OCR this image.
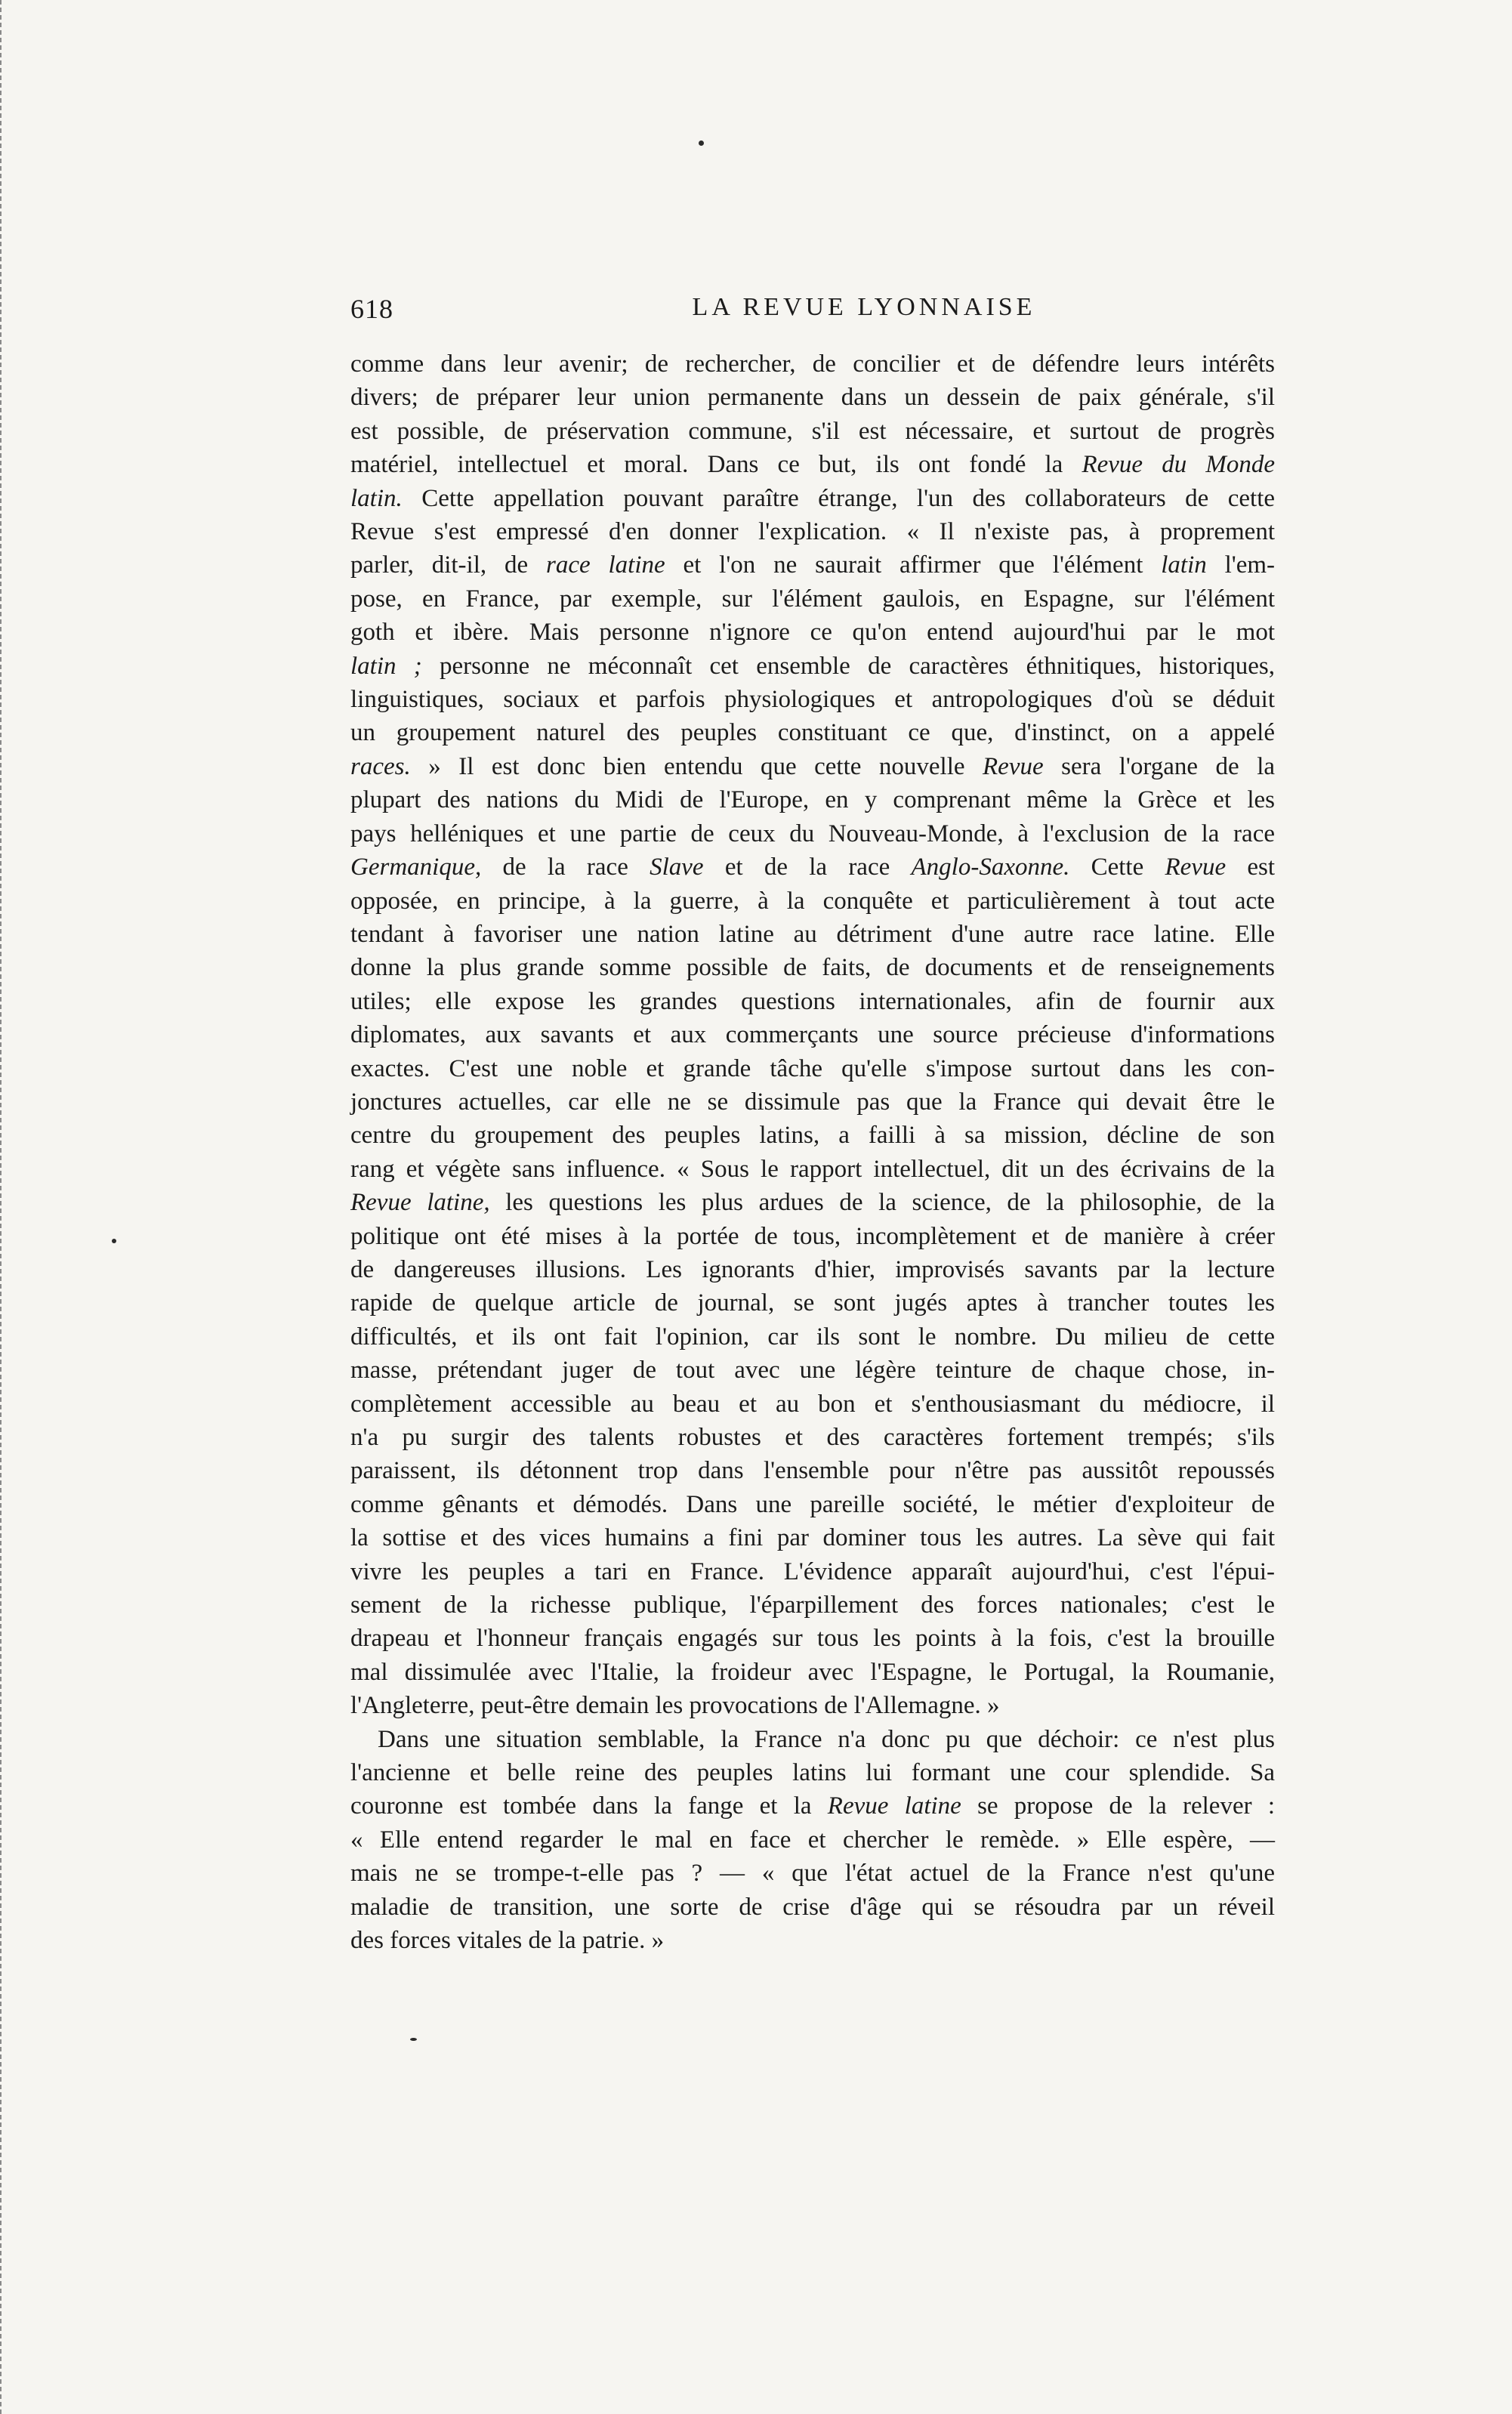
618	LA REVUE LYONNAISE

comme dans leur avenir; de rechercher, de concilier et de défendre leurs intérêts
divers; de préparer leur union permanente dans un dessein de paix générale, s'il
est possible, de préservation commune, s'il est nécessaire, et surtout de progrès
matériel, intellectuel et moral. Dans ce but, ils ont fondé la Revue du Monde
latin. Cette appellation pouvant paraître étrange, l'un des collaborateurs de cette
Revue s'est empressé d'en donner l'explication. « Il n'existe pas, à proprement
parler, dit-il, de race latine et l'on ne saurait affirmer que l'élément latin l'em-
pose, en France, par exemple, sur l'élément gaulois, en Espagne, sur l'élément
goth et ibère. Mais personne n'ignore ce qu'on entend aujourd'hui par le mot
latin ; personne ne méconnaît cet ensemble de caractères éthnitiques, historiques,
linguistiques, sociaux et parfois physiologiques et antropologiques d'où se déduit
un groupement naturel des peuples constituant ce que, d'instinct, on a appelé
races. » Il est donc bien entendu que cette nouvelle Revue sera l'organe de la
plupart des nations du Midi de l'Europe, en y comprenant même la Grèce et les
pays helléniques et une partie de ceux du Nouveau-Monde, à l'exclusion de la race
Germanique, de la race Slave et de la race Anglo-Saxonne. Cette Revue est
opposée, en principe, à la guerre, à la conquête et particulièrement à tout acte
tendant à favoriser une nation latine au détriment d'une autre race latine. Elle
donne la plus grande somme possible de faits, de documents et de renseignements
utiles; elle expose les grandes questions internationales, afin de fournir aux
diplomates, aux savants et aux commerçants une source précieuse d'informations
exactes. C'est une noble et grande tâche qu'elle s'impose surtout dans les con-
jonctures actuelles, car elle ne se dissimule pas que la France qui devait être le
centre du groupement des peuples latins, a failli à sa mission, décline de son
rang et végète sans influence. « Sous le rapport intellectuel, dit un des écrivains de la
Revue latine, les questions les plus ardues de la science, de la philosophie, de la
politique ont été mises à la portée de tous, incomplètement et de manière à créer
de dangereuses illusions. Les ignorants d'hier, improvisés savants par la lecture
rapide de quelque article de journal, se sont jugés aptes à trancher toutes les
difficultés, et ils ont fait l'opinion, car ils sont le nombre. Du milieu de cette
masse, prétendant juger de tout avec une légère teinture de chaque chose, in-
complètement accessible au beau et au bon et s'enthousiasmant du médiocre, il
n'a pu surgir des talents robustes et des caractères fortement trempés; s'ils
paraissent, ils détonnent trop dans l'ensemble pour n'être pas aussitôt repoussés
comme gênants et démodés. Dans une pareille société, le métier d'exploiteur de
la sottise et des vices humains a fini par dominer tous les autres. La sève qui fait
vivre les peuples a tari en France. L'évidence apparaît aujourd'hui, c'est l'épui-
sement de la richesse publique, l'éparpillement des forces nationales; c'est le
drapeau et l'honneur français engagés sur tous les points à la fois, c'est la brouille
mal dissimulée avec l'Italie, la froideur avec l'Espagne, le Portugal, la Roumanie,
l'Angleterre, peut-être demain les provocations de l'Allemagne. »

Dans une situation semblable, la France n'a donc pu que déchoir: ce n'est plus
l'ancienne et belle reine des peuples latins lui formant une cour splendide. Sa
couronne est tombée dans la fange et la Revue latine se propose de la relever :
« Elle entend regarder le mal en face et chercher le remède. » Elle espère, —
mais ne se trompe-t-elle pas ? — « que l'état actuel de la France n'est qu'une
maladie de transition, une sorte de crise d'âge qui se résoudra par un réveil
des forces vitales de la patrie. »
